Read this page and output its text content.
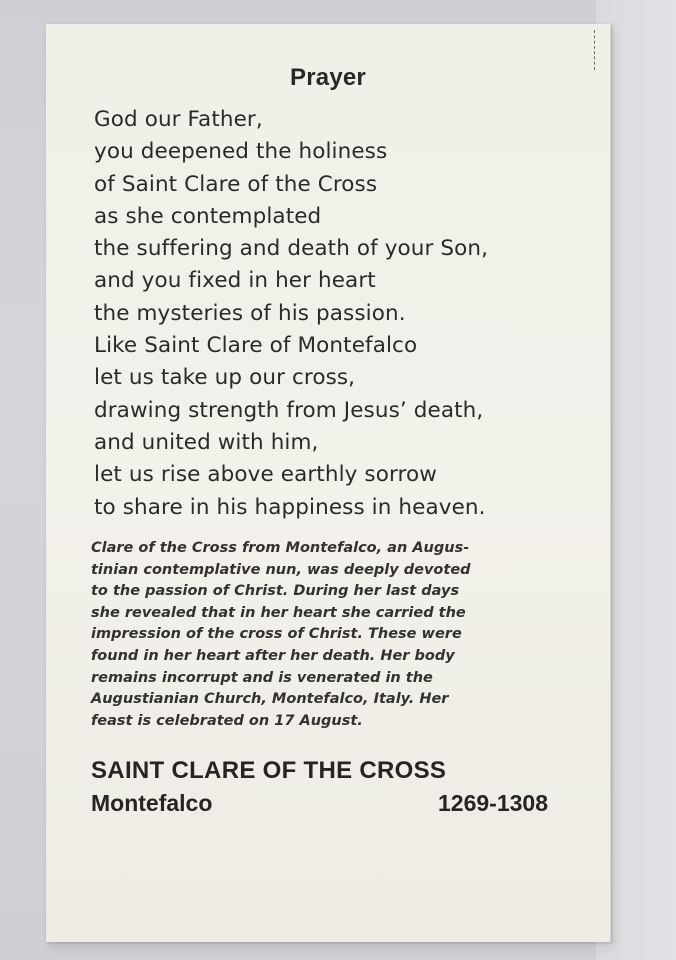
Prayer
God our Father,
you deepened the holiness
of Saint Clare of the Cross
as she contemplated
the suffering and death of your Son,
and you fixed in her heart
the mysteries of his passion.
Like Saint Clare of Montefalco
let us take up our cross,
drawing strength from Jesus’ death,
and united with him,
let us rise above earthly sorrow
to share in his happiness in heaven.

Clare of the Cross from Montefalco, an Augus-
tinian contemplative nun, was deeply devoted
to the passion of Christ. During her last days
she revealed that in her heart she carried the
impression of the cross of Christ. These were
found in her heart after her death. Her body
remains incorrupt and is venerated in the
Augustianian Church, Montefalco, Italy. Her
feast is celebrated on 17 August.

SAINT CLARE OF THE CROSS
Montefalco	1269-1308
